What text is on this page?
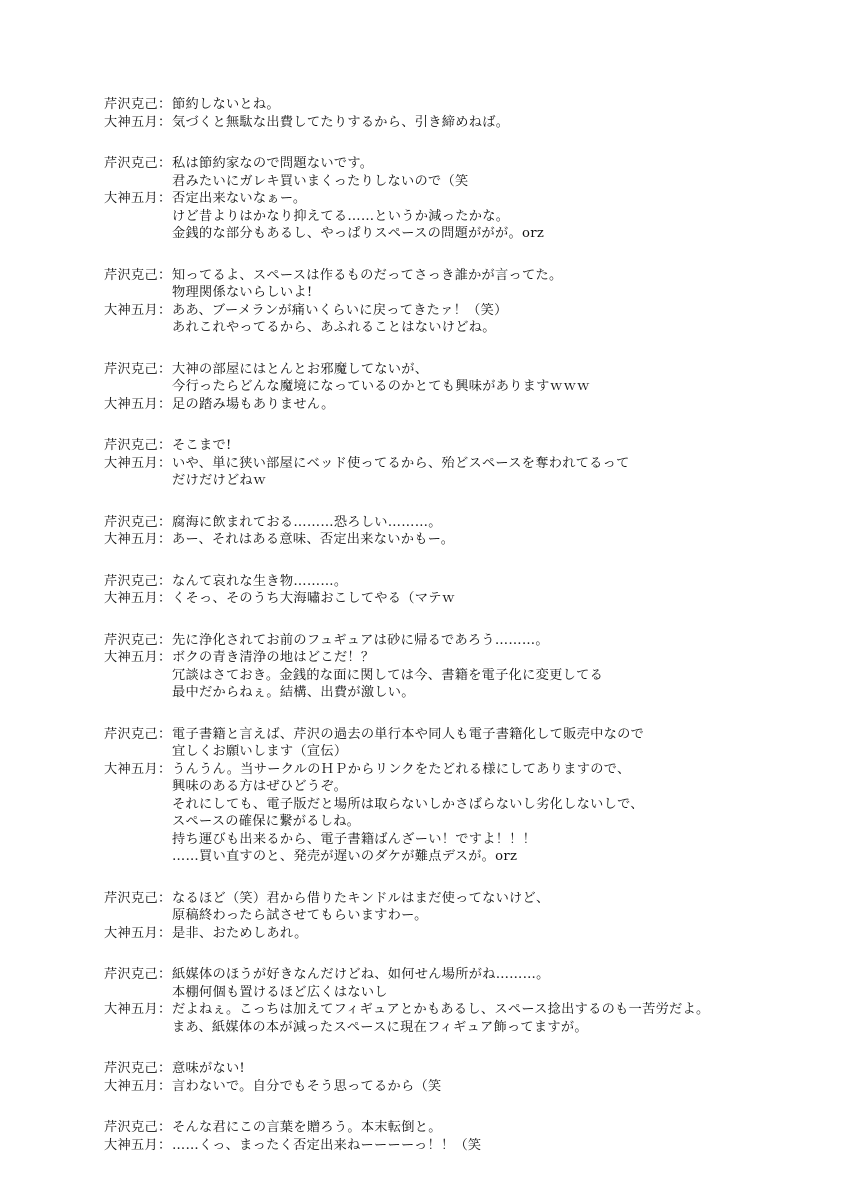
芹沢克己： 節約しないとね。
大神五月： 気づくと無駄な出費してたりするから、引き締めねば。
芹沢克己： 私は節約家なので問題ないです。
君みたいにガレキ買いまくったりしないので（笑
大神五月： 否定出来ないなぁー。
けど昔よりはかなり抑えてる……というか減ったかな。
金銭的な部分もあるし、やっぱりスペースの問題ががが。orz
芹沢克己： 知ってるよ、スペースは作るものだってさっき誰かが言ってた。
物理関係ないらしいよ!
大神五月： ああ、ブーメランが痛いくらいに戻ってきたァ！（笑）
あれこれやってるから、あふれることはないけどね。
芹沢克己： 大神の部屋にはとんとお邪魔してないが、
今行ったらどんな魔境になっているのかとても興味がありますｗｗｗ
大神五月： 足の踏み場もありません。
芹沢克己： そこまで!
大神五月： いや、単に狭い部屋にベッド使ってるから、殆どスペースを奪われてるって
だけだけどねｗ
芹沢克己： 腐海に飲まれておる………恐ろしい………。
大神五月： あー、それはある意味、否定出来ないかもー。
芹沢克己： なんて哀れな生き物………。
大神五月： くそっ、そのうち大海嘯おこしてやる（マテｗ
芹沢克己： 先に浄化されてお前のフュギュアは砂に帰るであろう………。
大神五月： ボクの青き清浄の地はどこだ！？
冗談はさておき。金銭的な面に関しては今、書籍を電子化に変更してる
最中だからねぇ。結構、出費が激しい。
芹沢克己： 電子書籍と言えば、芹沢の過去の単行本や同人も電子書籍化して販売中なので
宜しくお願いします（宣伝）
大神五月： うんうん。当サークルのＨＰからリンクをたどれる様にしてありますので、
興味のある方はぜひどうぞ。
それにしても、電子版だと場所は取らないしかさばらないし劣化しないしで、
スペースの確保に繋がるしね。
持ち運びも出来るから、電子書籍ばんざーい！ですよ！！！
……買い直すのと、発売が遅いのダケが難点デスが。orz
芹沢克己： なるほど（笑）君から借りたキンドルはまだ使ってないけど、
原稿終わったら試させてもらいますわー。
大神五月： 是非、おためしあれ。
芹沢克己： 紙媒体のほうが好きなんだけどね、如何せん場所がね………。
本棚何個も置けるほど広くはないし
大神五月： だよねぇ。こっちは加えてフィギュアとかもあるし、スペース捻出するのも一苦労だよ。
まあ、紙媒体の本が減ったスペースに現在フィギュア飾ってますが。
芹沢克己： 意味がない!
大神五月： 言わないで。自分でもそう思ってるから（笑
芹沢克己： そんな君にこの言葉を贈ろう。本末転倒と。
大神五月： ……くっ、まったく否定出来ねーーーーっ！！（笑
